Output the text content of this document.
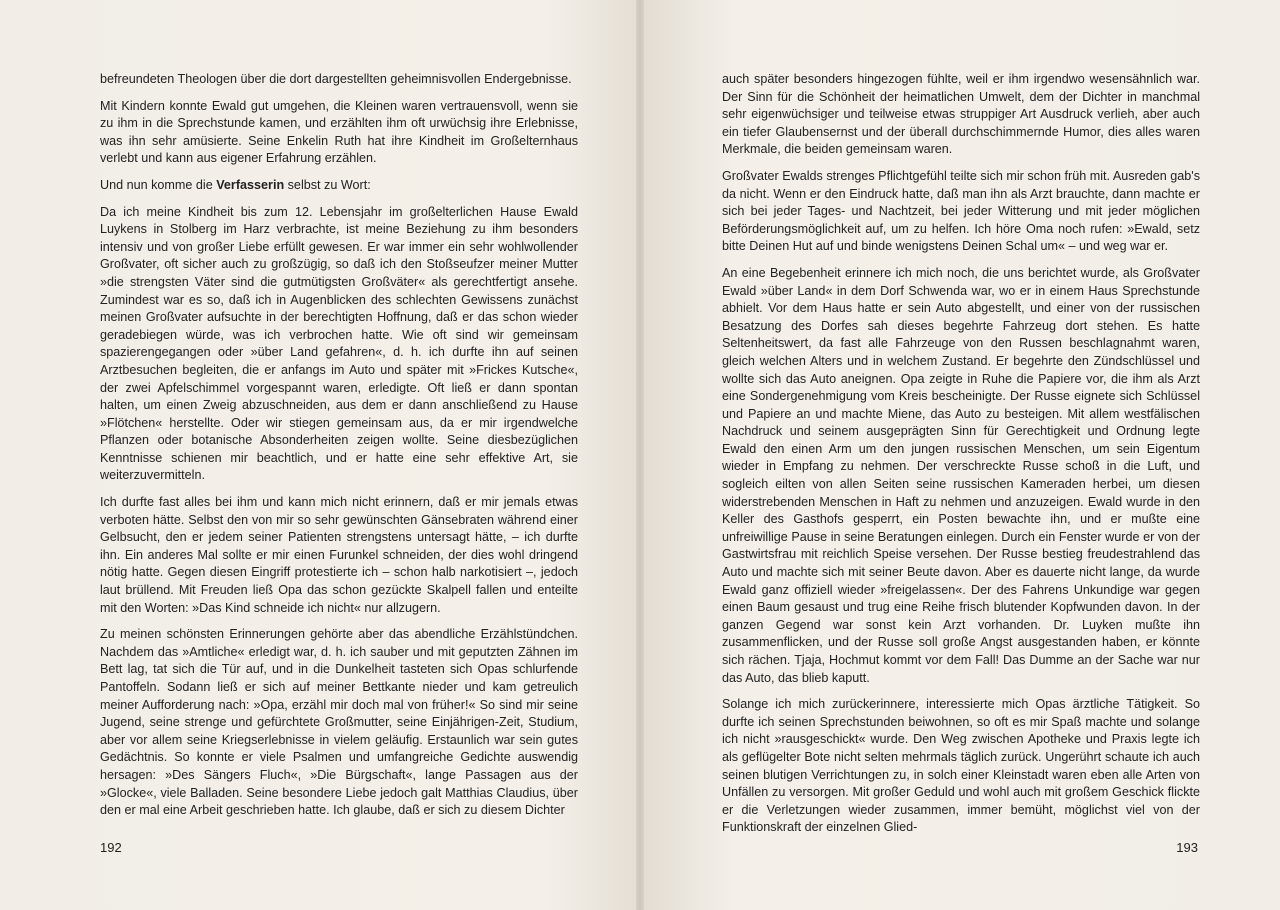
befreundeten Theologen über die dort dargestellten geheimnisvollen Endergebnisse.

Mit Kindern konnte Ewald gut umgehen, die Kleinen waren vertrauensvoll, wenn sie zu ihm in die Sprechstunde kamen, und erzählten ihm oft urwüchsig ihre Erlebnisse, was ihn sehr amüsierte. Seine Enkelin Ruth hat ihre Kindheit im Großelternhaus verlebt und kann aus eigener Erfahrung erzählen.

Und nun komme die Verfasserin selbst zu Wort:

Da ich meine Kindheit bis zum 12. Lebensjahr im großelterlichen Hause Ewald Luykens in Stolberg im Harz verbrachte, ist meine Beziehung zu ihm besonders intensiv und von großer Liebe erfüllt gewesen. Er war immer ein sehr wohlwollender Großvater, oft sicher auch zu großzügig, so daß ich den Stoßseufzer meiner Mutter »die strengsten Väter sind die gutmütigsten Großväter« als gerechtfertigt ansehe. Zumindest war es so, daß ich in Augenblicken des schlechten Gewissens zunächst meinen Großvater aufsuchte in der berechtigten Hoffnung, daß er das schon wieder geradebiegen würde, was ich verbrochen hatte. Wie oft sind wir gemeinsam spazierengegangen oder »über Land gefahren«, d. h. ich durfte ihn auf seinen Arztbesuchen begleiten, die er anfangs im Auto und später mit »Frickes Kutsche«, der zwei Apfelschimmel vorgespannt waren, erledigte. Oft ließ er dann spontan halten, um einen Zweig abzuschneiden, aus dem er dann anschließend zu Hause »Flötchen« herstellte. Oder wir stiegen gemeinsam aus, da er mir irgendwelche Pflanzen oder botanische Absonderheiten zeigen wollte. Seine diesbezüglichen Kenntnisse schienen mir beachtlich, und er hatte eine sehr effektive Art, sie weiterzuvermitteln.

Ich durfte fast alles bei ihm und kann mich nicht erinnern, daß er mir jemals etwas verboten hätte. Selbst den von mir so sehr gewünschten Gänsebraten während einer Gelbsucht, den er jedem seiner Patienten strengstens untersagt hätte, – ich durfte ihn. Ein anderes Mal sollte er mir einen Furunkel schneiden, der dies wohl dringend nötig hatte. Gegen diesen Eingriff protestierte ich – schon halb narkotisiert –, jedoch laut brüllend. Mit Freuden ließ Opa das schon gezückte Skalpell fallen und enteilte mit den Worten: »Das Kind schneide ich nicht« nur allzugern.

Zu meinen schönsten Erinnerungen gehörte aber das abendliche Erzählstündchen. Nachdem das »Amtliche« erledigt war, d. h. ich sauber und mit geputzten Zähnen im Bett lag, tat sich die Tür auf, und in die Dunkelheit tasteten sich Opas schlurfende Pantoffeln. Sodann ließ er sich auf meiner Bettkante nieder und kam getreulich meiner Aufforderung nach: »Opa, erzähl mir doch mal von früher!« So sind mir seine Jugend, seine strenge und gefürchtete Großmutter, seine Einjährigen-Zeit, Studium, aber vor allem seine Kriegserlebnisse in vielem geläufig. Erstaunlich war sein gutes Gedächtnis. So konnte er viele Psalmen und umfangreiche Gedichte auswendig hersagen: »Des Sängers Fluch«, »Die Bürgschaft«, lange Passagen aus der »Glocke«, viele Balladen. Seine besondere Liebe jedoch galt Matthias Claudius, über den er mal eine Arbeit geschrieben hatte. Ich glaube, daß er sich zu diesem Dichter

192

auch später besonders hingezogen fühlte, weil er ihm irgendwo wesensähnlich war. Der Sinn für die Schönheit der heimatlichen Umwelt, dem der Dichter in manchmal sehr eigenwüchsiger und teilweise etwas struppiger Art Ausdruck verlieh, aber auch ein tiefer Glaubensernst und der überall durchschimmernde Humor, dies alles waren Merkmale, die beiden gemeinsam waren.

Großvater Ewalds strenges Pflichtgefühl teilte sich mir schon früh mit. Ausreden gab's da nicht. Wenn er den Eindruck hatte, daß man ihn als Arzt brauchte, dann machte er sich bei jeder Tages- und Nachtzeit, bei jeder Witterung und mit jeder möglichen Beförderungsmöglichkeit auf, um zu helfen. Ich höre Oma noch rufen: »Ewald, setz bitte Deinen Hut auf und binde wenigstens Deinen Schal um« – und weg war er.

An eine Begebenheit erinnere ich mich noch, die uns berichtet wurde, als Großvater Ewald »über Land« in dem Dorf Schwenda war, wo er in einem Haus Sprechstunde abhielt. Vor dem Haus hatte er sein Auto abgestellt, und einer von der russischen Besatzung des Dorfes sah dieses begehrte Fahrzeug dort stehen. Es hatte Seltenheitswert, da fast alle Fahrzeuge von den Russen beschlagnahmt waren, gleich welchen Alters und in welchem Zustand. Er begehrte den Zündschlüssel und wollte sich das Auto aneignen. Opa zeigte in Ruhe die Papiere vor, die ihm als Arzt eine Sondergenehmigung vom Kreis bescheinigte. Der Russe eignete sich Schlüssel und Papiere an und machte Miene, das Auto zu besteigen. Mit allem westfälischen Nachdruck und seinem ausgeprägten Sinn für Gerechtigkeit und Ordnung legte Ewald den einen Arm um den jungen russischen Menschen, um sein Eigentum wieder in Empfang zu nehmen. Der verschreckte Russe schoß in die Luft, und sogleich eilten von allen Seiten seine russischen Kameraden herbei, um diesen widerstrebenden Menschen in Haft zu nehmen und anzuzeigen. Ewald wurde in den Keller des Gasthofs gesperrt, ein Posten bewachte ihn, und er mußte eine unfreiwillige Pause in seine Beratungen einlegen. Durch ein Fenster wurde er von der Gastwirtsfrau mit reichlich Speise versehen. Der Russe bestieg freudestrahlend das Auto und machte sich mit seiner Beute davon. Aber es dauerte nicht lange, da wurde Ewald ganz offiziell wieder »freigelassen«. Der des Fahrens Unkundige war gegen einen Baum gesaust und trug eine Reihe frisch blutender Kopfwunden davon. In der ganzen Gegend war sonst kein Arzt vorhanden. Dr. Luyken mußte ihn zusammenflicken, und der Russe soll große Angst ausgestanden haben, er könnte sich rächen. Tjaja, Hochmut kommt vor dem Fall! Das Dumme an der Sache war nur das Auto, das blieb kaputt.

Solange ich mich zurückerinnere, interessierte mich Opas ärztliche Tätigkeit. So durfte ich seinen Sprechstunden beiwohnen, so oft es mir Spaß machte und solange ich nicht »rausgeschickt« wurde. Den Weg zwischen Apotheke und Praxis legte ich als geflügelter Bote nicht selten mehrmals täglich zurück. Ungerührt schaute ich auch seinen blutigen Verrichtungen zu, in solch einer Kleinstadt waren eben alle Arten von Unfällen zu versorgen. Mit großer Geduld und wohl auch mit großem Geschick flickte er die Verletzungen wieder zusammen, immer bemüht, möglichst viel von der Funktionskraft der einzelnen Glied-

193
